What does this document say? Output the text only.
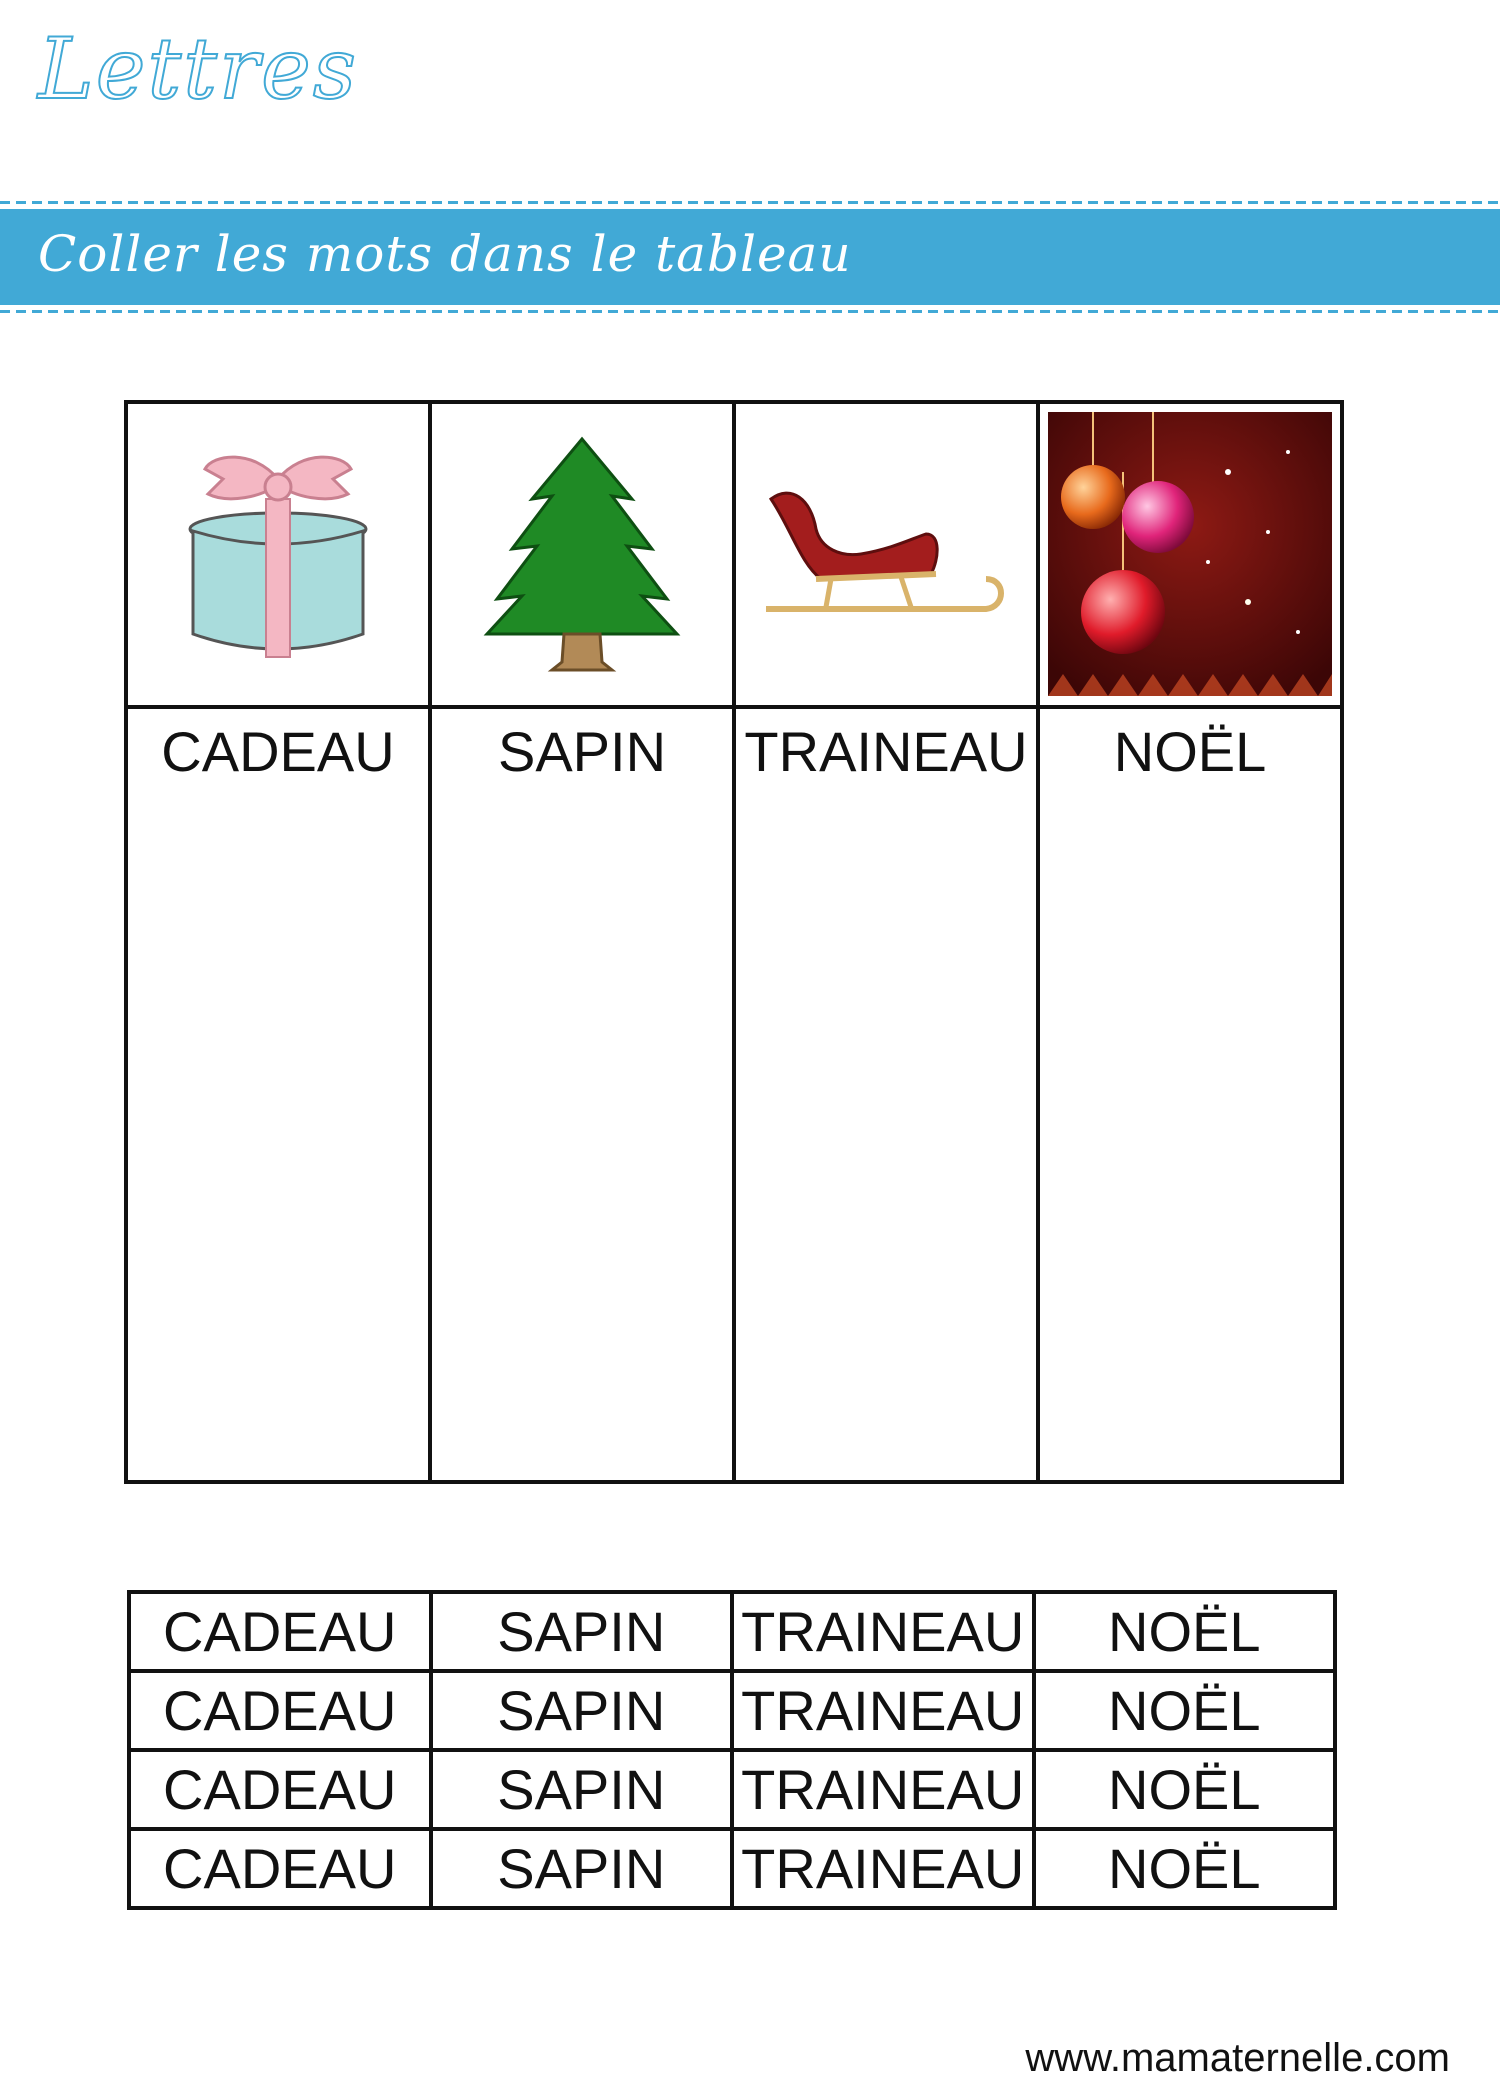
Lettres
Coller les mots dans le tableau

CADEAU	SAPIN	TRAINEAU	NOËL
CADEAU	SAPIN	TRAINEAU	NOËL
CADEAU	SAPIN	TRAINEAU	NOËL
CADEAU	SAPIN	TRAINEAU	NOËL
CADEAU	SAPIN	TRAINEAU	NOËL
www.mamaternelle.com
